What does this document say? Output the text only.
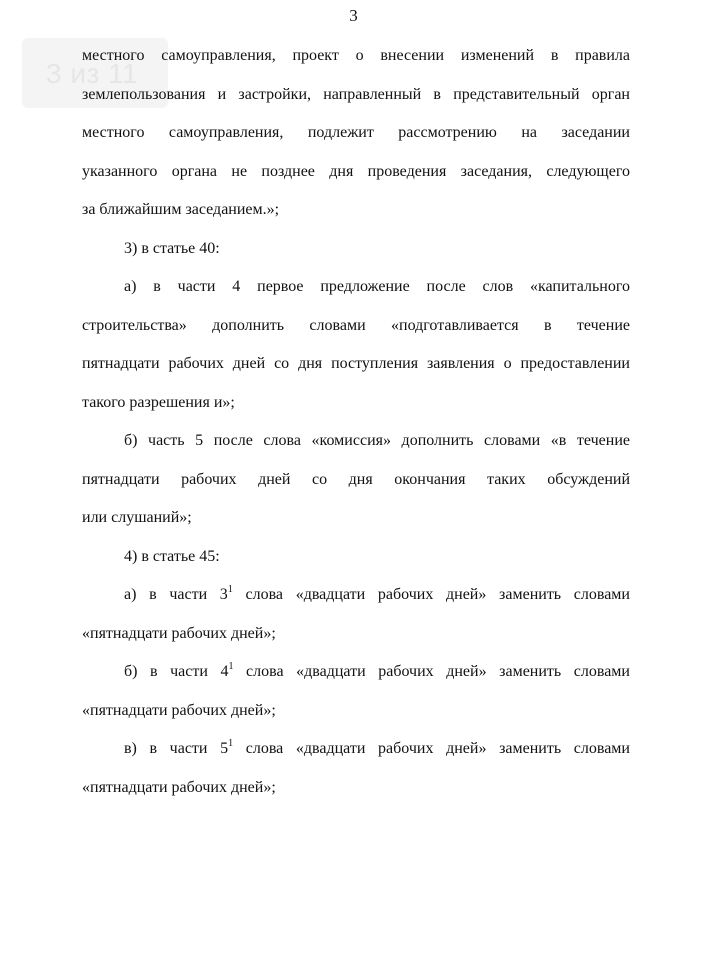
3
3 из 11
местного самоуправления, проект о внесении изменений в правила
землепользования и застройки, направленный в представительный орган
местного самоуправления, подлежит рассмотрению на заседании
указанного органа не позднее дня проведения заседания, следующего
за ближайшим заседанием.»;
3) в статье 40:
а) в части 4 первое предложение после слов «капитального
строительства» дополнить словами «подготавливается в течение
пятнадцати рабочих дней со дня поступления заявления о предоставлении
такого разрешения и»;
б) часть 5 после слова «комиссия» дополнить словами «в течение
пятнадцати рабочих дней со дня окончания таких обсуждений
или слушаний»;
4) в статье 45:
а) в части $3^1$ слова «двадцати рабочих дней» заменить словами
«пятнадцати рабочих дней»;
б) в части $4^1$ слова «двадцати рабочих дней» заменить словами
«пятнадцати рабочих дней»;
в) в части $5^1$ слова «двадцати рабочих дней» заменить словами
«пятнадцати рабочих дней»;
